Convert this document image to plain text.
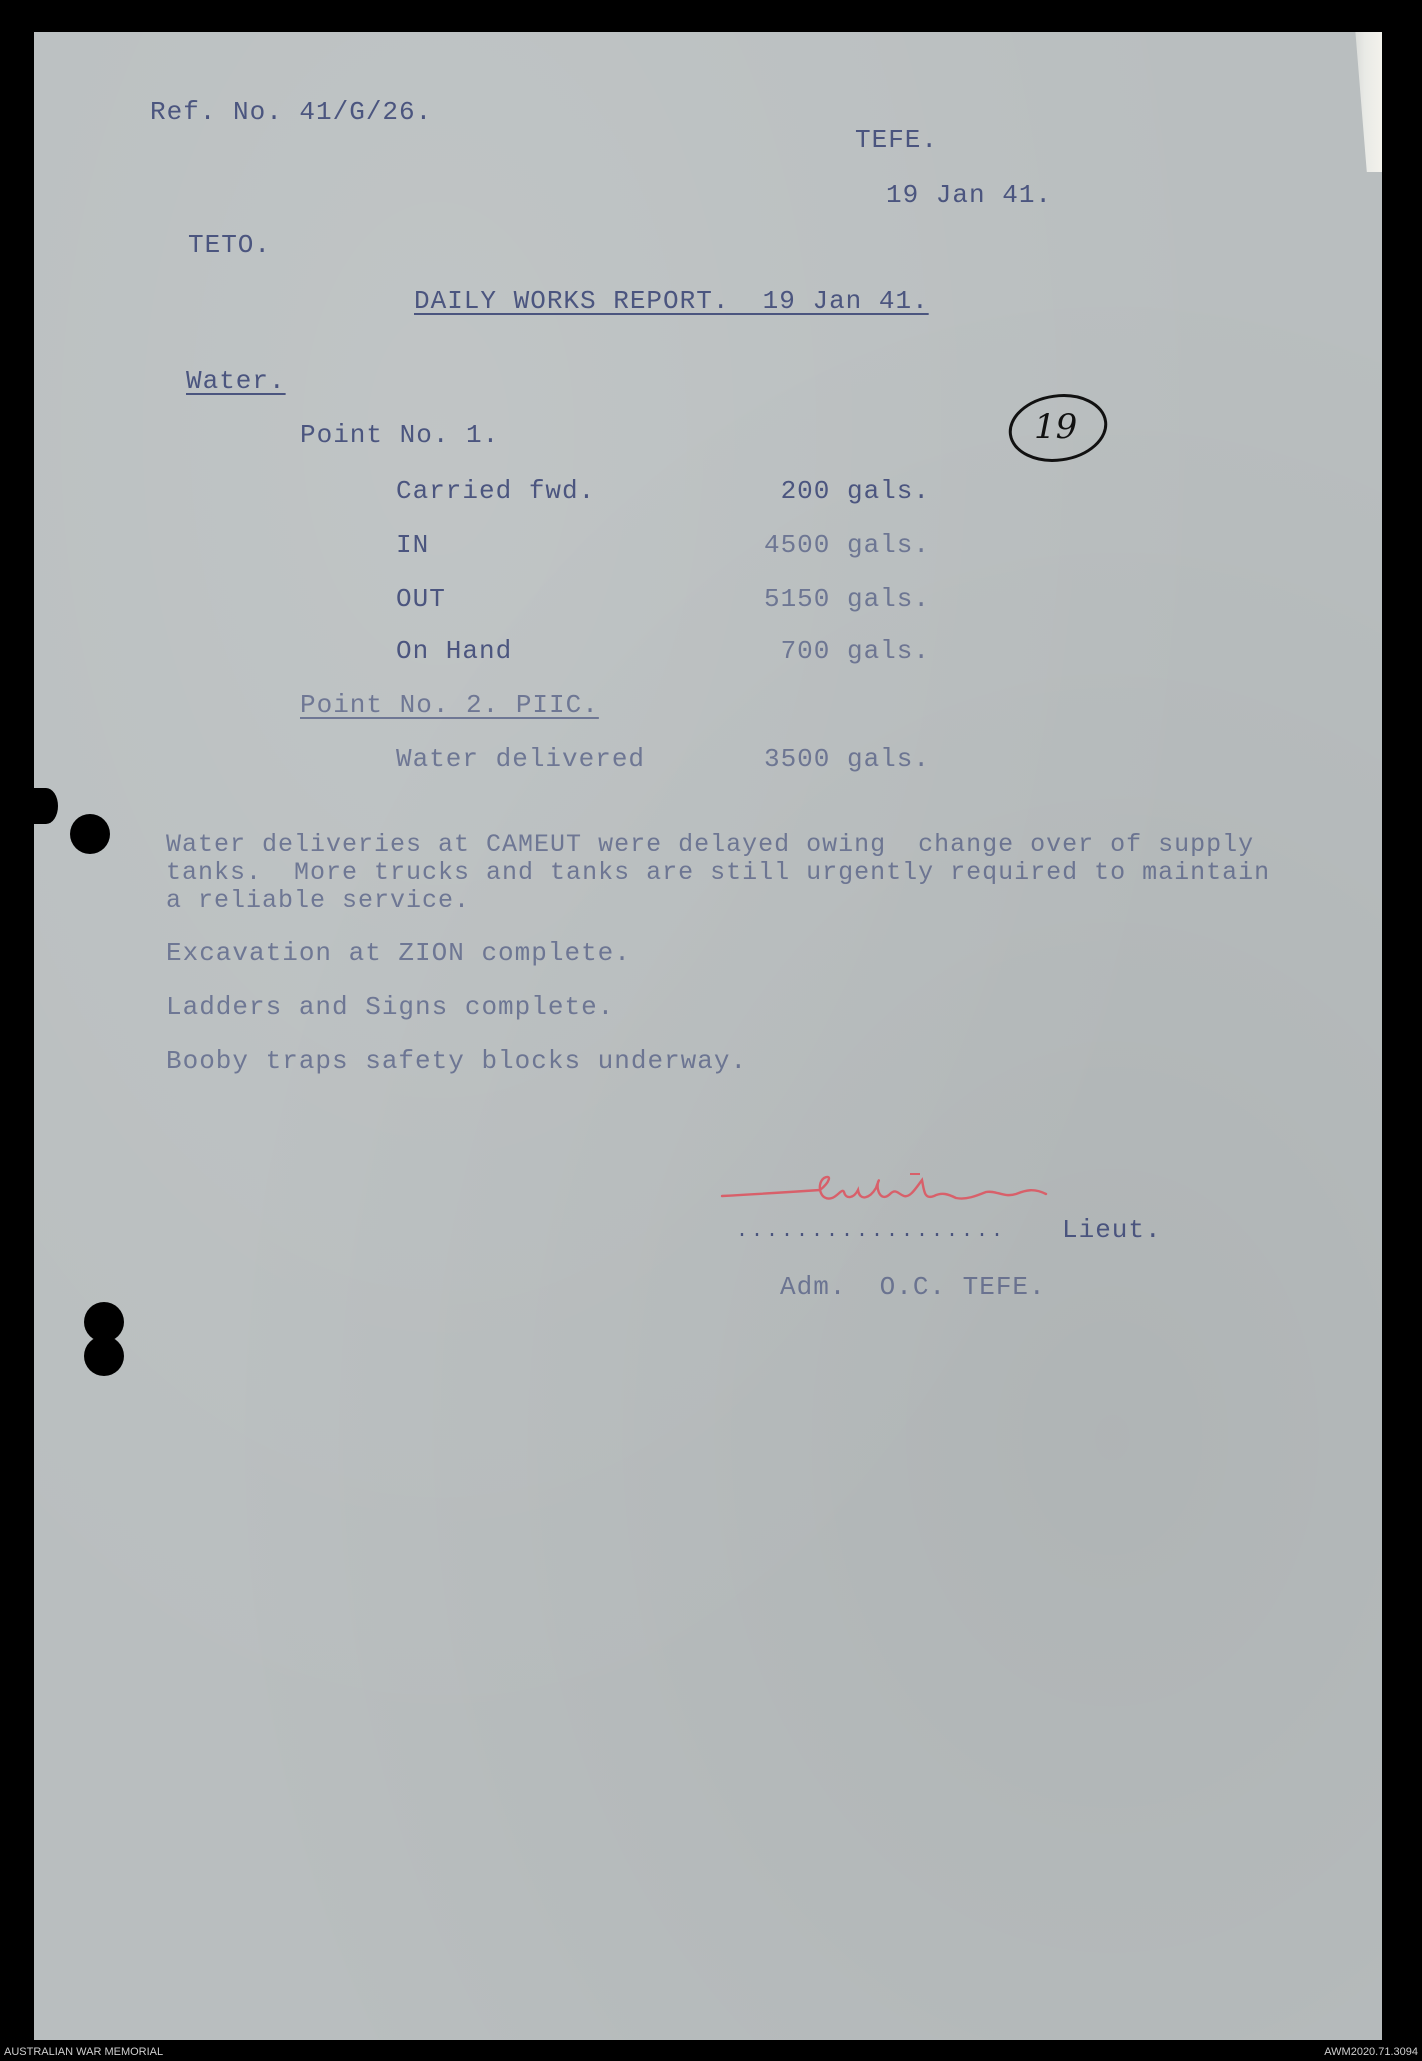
Ref. No. 41/G/26.
TEFE.
19 Jan 41.
TETO.
DAILY WORKS REPORT.  19 Jan 41.
Water.
Point No. 1.
Carried fwd.	200 gals.
IN	4500 gals.
OUT	5150 gals.
On Hand	700 gals.
Point No. 2. PIIC.
Water delivered	3500 gals.
Water deliveries at CAMEUT were delayed owing  change over of supply
tanks.  More trucks and tanks are still urgently required to maintain
a reliable service.
Excavation at ZION complete.
Ladders and Signs complete.
Booby traps safety blocks underway.
.................. Lieut.
Adm.  O.C. TEFE.
19
AUSTRALIAN WAR MEMORIAL	AWM2020.71.3094
